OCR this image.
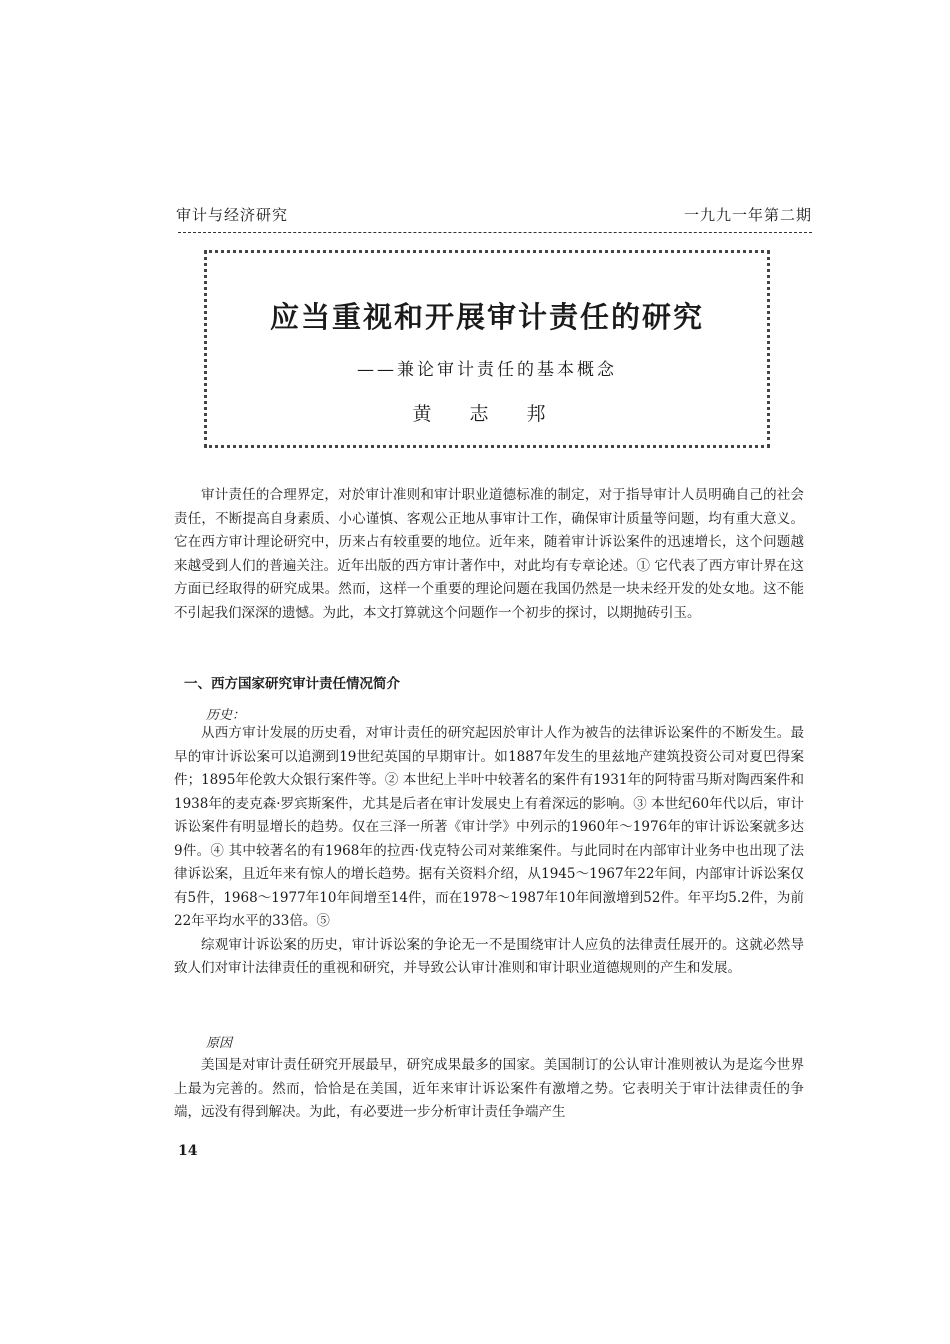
审计与经济研究	一九九一年第二期
应当重视和开展审计责任的研究
——兼论审计责任的基本概念
黄 志 邦

审计责任的合理界定，对於审计准则和审计职业道德标准的制定，对于指导审计人员明确自己的社会责任，不断提高自身素质、小心谨慎、客观公正地从事审计工作，确保审计质量等问题，均有重大意义。它在西方审计理论研究中，历来占有较重要的地位。近年来，随着审计诉讼案件的迅速增长，这个问题越来越受到人们的普遍关注。近年出版的西方审计著作中，对此均有专章论述。① 它代表了西方审计界在这方面已经取得的研究成果。然而，这样一个重要的理论问题在我国仍然是一块未经开发的处女地。这不能不引起我们深深的遗憾。为此，本文打算就这个问题作一个初步的探讨，以期抛砖引玉。

一、西方国家研究审计责任情况简介
历史：

从西方审计发展的历史看，对审计责任的研究起因於审计人作为被告的法律诉讼案件的不断发生。最早的审计诉讼案可以追溯到19世纪英国的早期审计。如1887年发生的里兹地产建筑投资公司对夏巴得案件；1895年伦敦大众银行案件等。② 本世纪上半叶中较著名的案件有1931年的阿特雷马斯对陶西案件和1938年的麦克森·罗宾斯案件，尤其是后者在审计发展史上有着深远的影响。③ 本世纪60年代以后，审计诉讼案件有明显增长的趋势。仅在三泽一所著《审计学》中列示的1960年～1976年的审计诉讼案就多达9件。④ 其中较著名的有1968年的拉西·伐克特公司对莱维案件。与此同时在内部审计业务中也出现了法律诉讼案，且近年来有惊人的增长趋势。据有关资料介绍，从1945～1967年22年间，内部审计诉讼案仅有5件，1968～1977年10年间增至14件，而在1978～1987年10年间激增到52件。年平均5.2件，为前22年平均水平的33倍。⑤

综观审计诉讼案的历史，审计诉讼案的争论无一不是围绕审计人应负的法律责任展开的。这就必然导致人们对审计法律责任的重视和研究，并导致公认审计准则和审计职业道德规则的产生和发展。

原因

美国是对审计责任研究开展最早，研究成果最多的国家。美国制订的公认审计准则被认为是迄今世界上最为完善的。然而，恰恰是在美国，近年来审计诉讼案件有激增之势。它表明关于审计法律责任的争端，远没有得到解决。为此，有必要进一步分析审计责任争端产生

14
